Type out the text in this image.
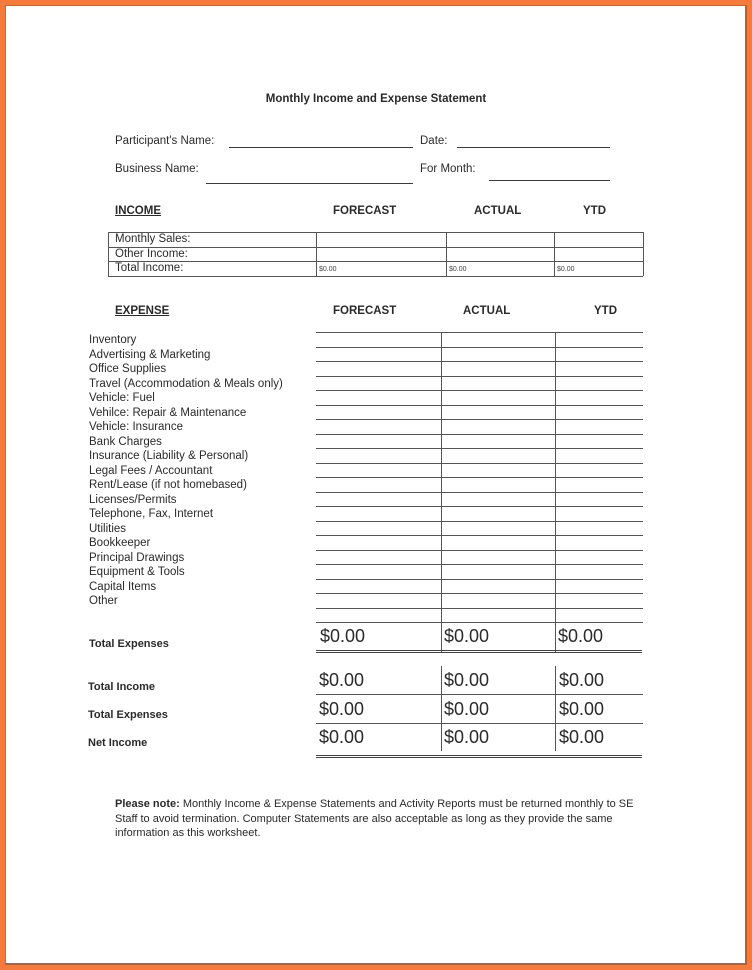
Monthly Income and Expense Statement
Participant's Name:	Date:
Business Name:	For Month:
INCOME	FORECAST	ACTUAL	YTD
Monthly Sales:
Other Income:
Total Income:	$0.00	$0.00	$0.00
EXPENSE	FORECAST	ACTUAL	YTD
Inventory
Advertising & Marketing
Office Supplies
Travel (Accommodation & Meals only)
Vehicle: Fuel
Vehilce: Repair & Maintenance
Vehicle: Insurance
Bank Charges
Insurance (Liability & Personal)
Legal Fees / Accountant
Rent/Lease (if not homebased)
Licenses/Permits
Telephone, Fax, Internet
Utilities
Bookkeeper
Principal Drawings
Equipment & Tools
Capital Items
Other
Total Expenses	$0.00	$0.00	$0.00
Total Income	$0.00	$0.00	$0.00
Total Expenses	$0.00	$0.00	$0.00
Net Income	$0.00	$0.00	$0.00
Please note: Monthly Income & Expense Statements and Activity Reports must be returned monthly to SE Staff to avoid termination. Computer Statements are also acceptable as long as they provide the same information as this worksheet.
